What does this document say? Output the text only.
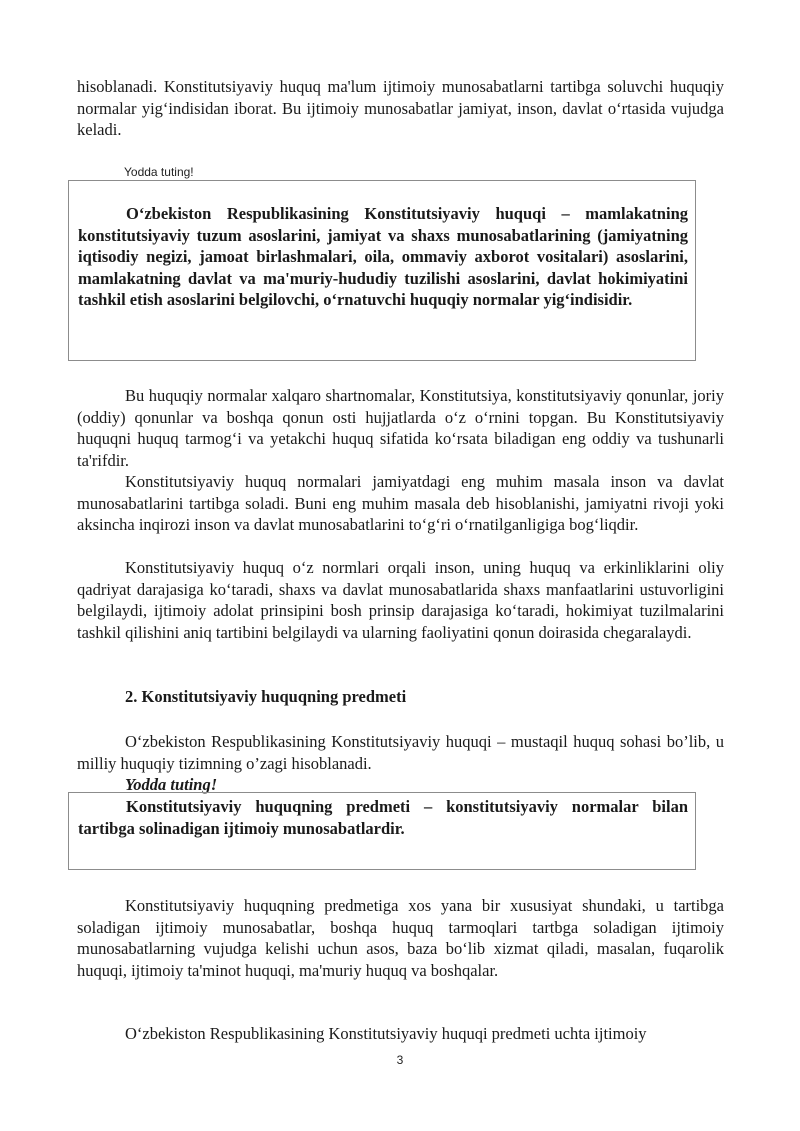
hisoblanadi. Konstitutsiyaviy huquq ma'lum ijtimoiy munosabatlarni tartibga soluvchi huquqiy normalar yig‘indisidan iborat. Bu ijtimoiy munosabatlar jamiyat, inson, davlat o‘rtasida vujudga keladi.

Yodda tuting!

O‘zbekiston Respublikasining Konstitutsiyaviy huquqi – mamlakatning konstitutsiyaviy tuzum asoslarini, jamiyat va shaxs munosabatlarining (jamiyatning iqtisodiy negizi, jamoat birlashmalari, oila, ommaviy axborot vositalari) asoslarini, mamlakatning davlat va ma'muriy-hududiy tuzilishi asoslarini, davlat hokimiyatini tashkil etish asoslarini belgilovchi, o‘rnatuvchi huquqiy normalar yig‘indisidir.

Bu huquqiy normalar xalqaro shartnomalar, Konstitutsiya, konstitutsiyaviy qonunlar, joriy (oddiy) qonunlar va boshqa qonun osti hujjatlarda o‘z o‘rnini topgan. Bu Konstitutsiyaviy huquqni huquq tarmog‘i va yetakchi huquq sifatida ko‘rsata biladigan eng oddiy va tushunarli ta'rifdir.

Konstitutsiyaviy huquq normalari jamiyatdagi eng muhim masala inson va davlat munosabatlarini tartibga soladi. Buni eng muhim masala deb hisoblanishi, jamiyatni rivoji yoki aksincha inqirozi inson va davlat munosabatlarini to‘g‘ri o‘rnatilganligiga bog‘liqdir.

Konstitutsiyaviy huquq o‘z normlari orqali inson, uning huquq va erkinliklarini oliy qadriyat darajasiga ko‘taradi, shaxs va davlat munosabatlarida shaxs manfaatlarini ustuvorligini belgilaydi, ijtimoiy adolat prinsipini bosh prinsip darajasiga ko‘taradi, hokimiyat tuzilmalarini tashkil qilishini aniq tartibini belgilaydi va ularning faoliyatini qonun doirasida chegaralaydi.

2. Konstitutsiyaviy huquqning predmeti

O‘zbekiston Respublikasining Konstitutsiyaviy huquqi – mustaqil huquq sohasi bo’lib, u milliy huquqiy tizimning o’zagi hisoblanadi.

Yodda tuting!

Konstitutsiyaviy huquqning predmeti – konstitutsiyaviy normalar bilan tartibga solinadigan ijtimoiy munosabatlardir.

Konstitutsiyaviy huquqning predmetiga xos yana bir xususiyat shundaki, u tartibga soladigan ijtimoiy munosabatlar, boshqa huquq tarmoqlari tartbga soladigan ijtimoiy munosabatlarning vujudga kelishi uchun asos, baza bo‘lib xizmat qiladi, masalan, fuqarolik huquqi, ijtimoiy ta'minot huquqi, ma'muriy huquq va boshqalar.

O‘zbekiston Respublikasining Konstitutsiyaviy huquqi predmeti uchta ijtimoiy

3
